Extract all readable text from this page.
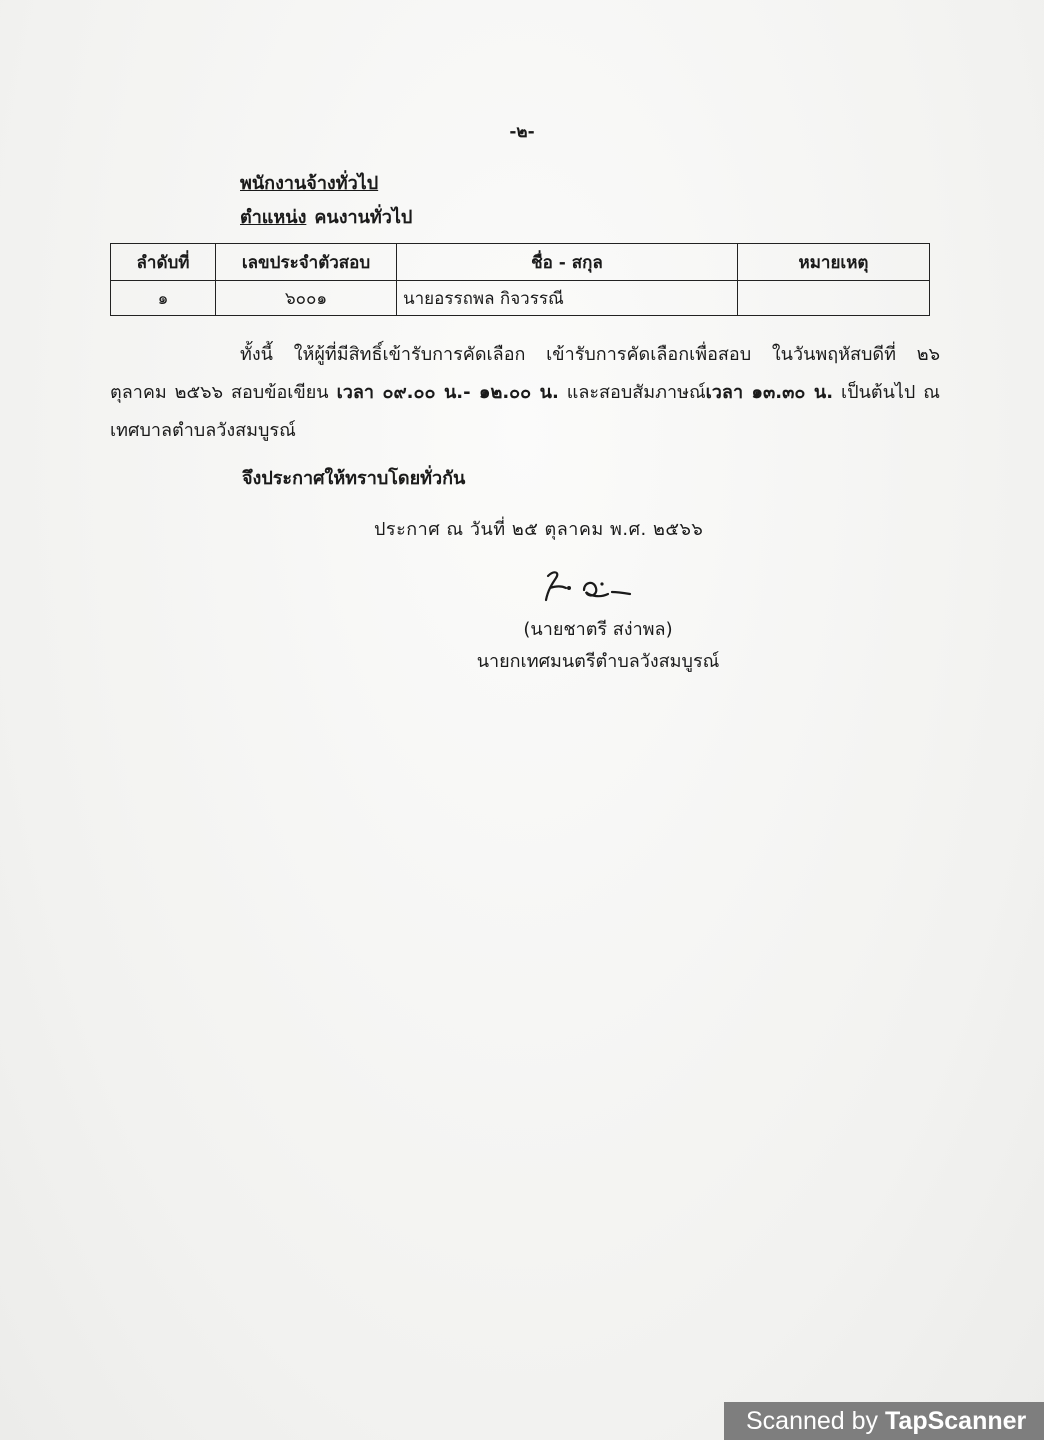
-๒-
พนักงานจ้างทั่วไป
ตำแหน่ง คนงานทั่วไป
ลำดับที่	เลขประจำตัวสอบ	ชื่อ - สกุล	หมายเหตุ
๑	๖๐๐๑	นายอรรถพล กิจวรรณี	
ทั้งนี้ ให้ผู้ที่มีสิทธิ์เข้ารับการคัดเลือก เข้ารับการคัดเลือกเพื่อสอบ ในวันพฤหัสบดีที่ ๒๖ ตุลาคม ๒๕๖๖ สอบข้อเขียน เวลา ๐๙.๐๐ น.- ๑๒.๐๐ น. และสอบสัมภาษณ์เวลา ๑๓.๓๐ น. เป็นต้นไป ณ เทศบาลตำบลวังสมบูรณ์
จึงประกาศให้ทราบโดยทั่วกัน
ประกาศ ณ วันที่ ๒๕ ตุลาคม พ.ศ. ๒๕๖๖
(นายชาตรี สง่าพล)
นายกเทศมนตรีตำบลวังสมบูรณ์
Scanned by TapScanner
